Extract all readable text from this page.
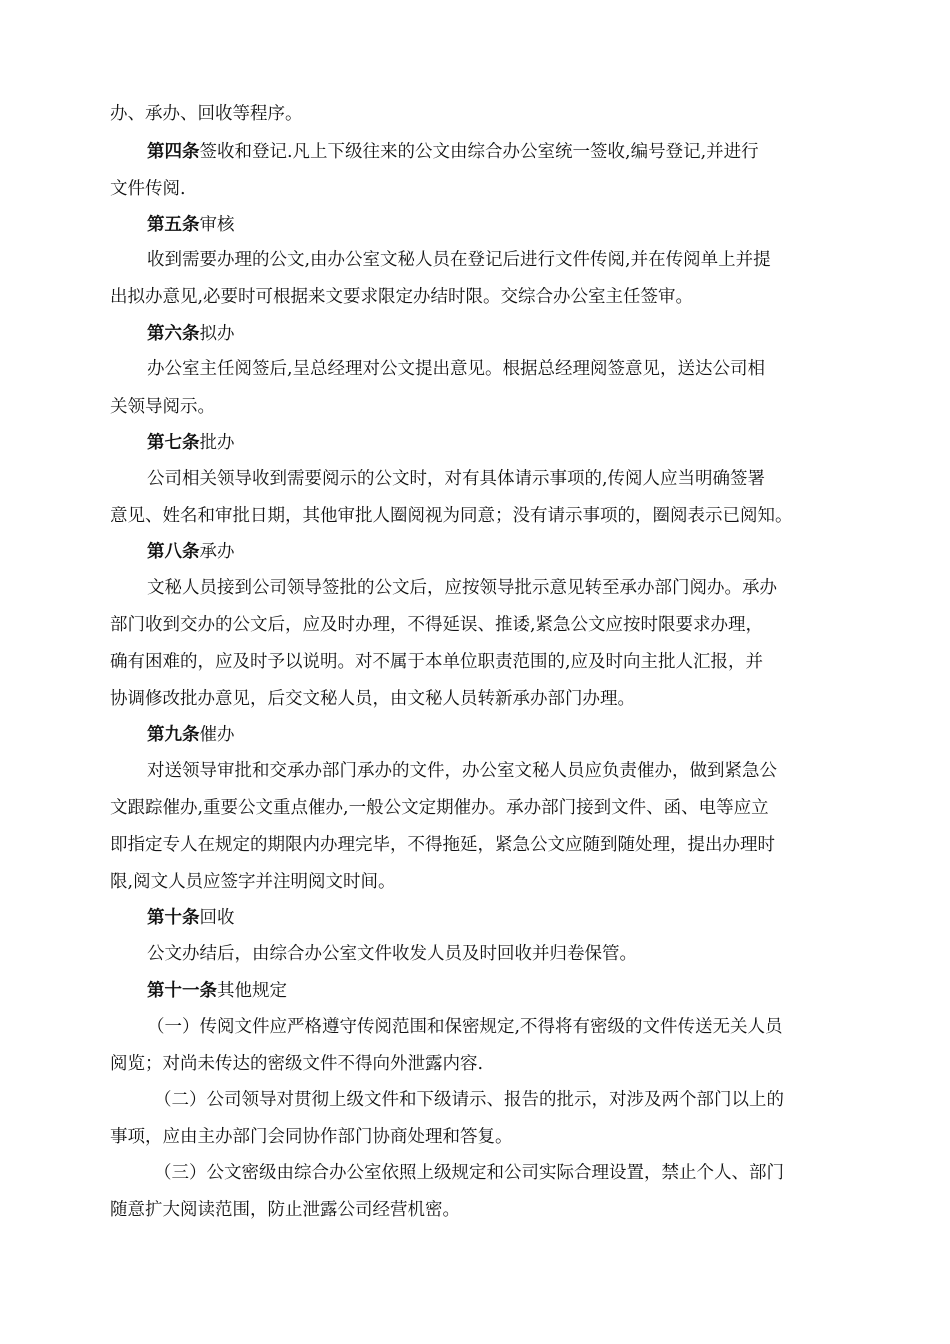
办、承办、回收等程序。
第四条签收和登记.凡上下级往来的公文由综合办公室统一签收,编号登记,并进行
文件传阅.
第五条审核
收到需要办理的公文,由办公室文秘人员在登记后进行文件传阅,并在传阅单上并提
出拟办意见,必要时可根据来文要求限定办结时限。交综合办公室主任签审。
第六条拟办
办公室主任阅签后,呈总经理对公文提出意见。根据总经理阅签意见，送达公司相
关领导阅示。
第七条批办
公司相关领导收到需要阅示的公文时，对有具体请示事项的,传阅人应当明确签署
意见、姓名和审批日期，其他审批人圈阅视为同意；没有请示事项的，圈阅表示已阅知。
第八条承办
文秘人员接到公司领导签批的公文后，应按领导批示意见转至承办部门阅办。承办
部门收到交办的公文后，应及时办理，不得延误、推诿,紧急公文应按时限要求办理，
确有困难的，应及时予以说明。对不属于本单位职责范围的,应及时向主批人汇报，并
协调修改批办意见，后交文秘人员，由文秘人员转新承办部门办理。
第九条催办
对送领导审批和交承办部门承办的文件，办公室文秘人员应负责催办，做到紧急公
文跟踪催办,重要公文重点催办,一般公文定期催办。承办部门接到文件、函、电等应立
即指定专人在规定的期限内办理完毕，不得拖延，紧急公文应随到随处理，提出办理时
限,阅文人员应签字并注明阅文时间。
第十条回收
公文办结后，由综合办公室文件收发人员及时回收并归卷保管。
第十一条其他规定
（一）传阅文件应严格遵守传阅范围和保密规定,不得将有密级的文件传送无关人员
阅览；对尚未传达的密级文件不得向外泄露内容.
（二）公司领导对贯彻上级文件和下级请示、报告的批示，对涉及两个部门以上的
事项，应由主办部门会同协作部门协商处理和答复。
（三）公文密级由综合办公室依照上级规定和公司实际合理设置，禁止个人、部门
随意扩大阅读范围，防止泄露公司经营机密。
